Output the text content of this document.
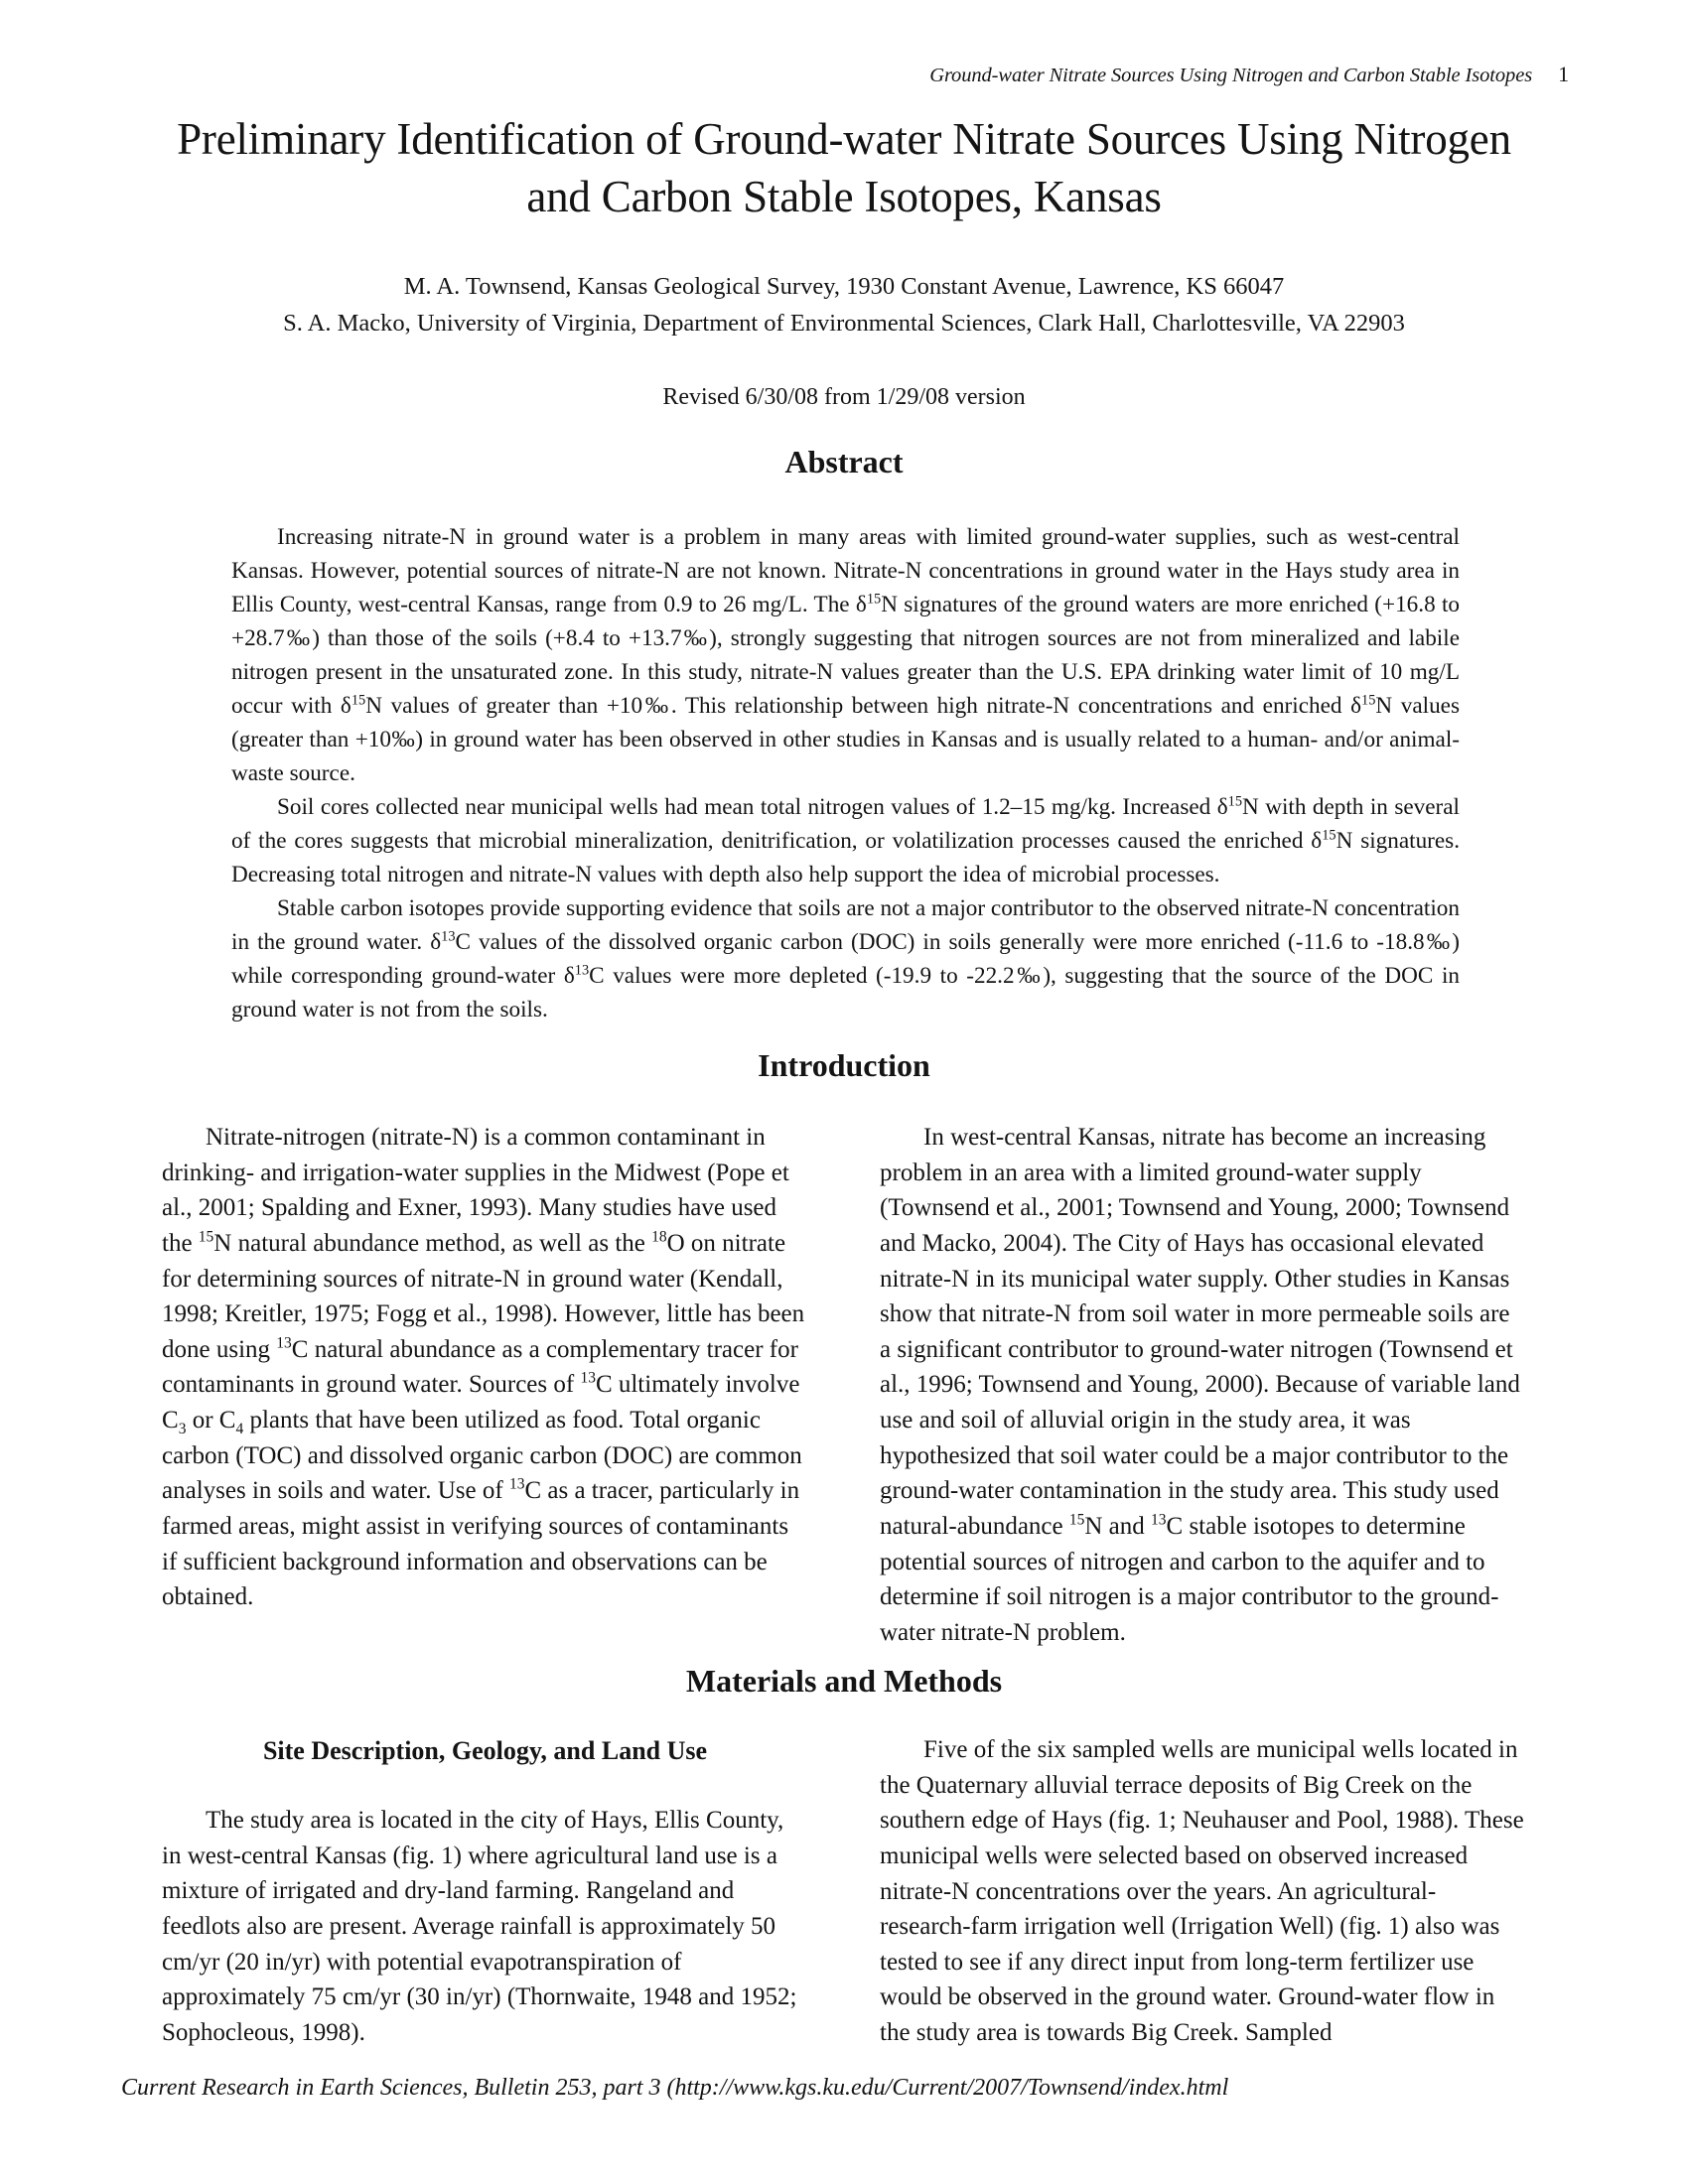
Ground-water Nitrate Sources Using Nitrogen and Carbon Stable Isotopes 1
Preliminary Identification of Ground-water Nitrate Sources Using Nitrogen and Carbon Stable Isotopes, Kansas
M. A. Townsend, Kansas Geological Survey, 1930 Constant Avenue, Lawrence, KS 66047
S. A. Macko, University of Virginia, Department of Environmental Sciences, Clark Hall, Charlottesville, VA 22903
Revised 6/30/08 from 1/29/08 version
Abstract

Increasing nitrate-N in ground water is a problem in many areas with limited ground-water supplies, such as west-central Kansas. However, potential sources of nitrate-N are not known. Nitrate-N concentrations in ground water in the Hays study area in Ellis County, west-central Kansas, range from 0.9 to 26 mg/L. The $\delta^{15}N$ signatures of the ground waters are more enriched (+16.8 to +28.7‰) than those of the soils (+8.4 to +13.7‰), strongly suggesting that nitrogen sources are not from mineralized and labile nitrogen present in the unsaturated zone. In this study, nitrate-N values greater than the U.S. EPA drinking water limit of 10 mg/L occur with $\delta^{15}N$ values of greater than +10‰. This relationship between high nitrate-N concentrations and enriched $\delta^{15}N$ values (greater than +10‰) in ground water has been observed in other studies in Kansas and is usually related to a human- and/or animal-waste source.

Soil cores collected near municipal wells had mean total nitrogen values of 1.2–15 mg/kg. Increased $\delta^{15}N$ with depth in several of the cores suggests that microbial mineralization, denitrification, or volatilization processes caused the enriched $\delta^{15}N$ signatures. Decreasing total nitrogen and nitrate-N values with depth also help support the idea of microbial processes.

Stable carbon isotopes provide supporting evidence that soils are not a major contributor to the observed nitrate-N concentration in the ground water. $\delta^{13}C$ values of the dissolved organic carbon (DOC) in soils generally were more enriched (-11.6 to -18.8‰) while corresponding ground-water $\delta^{13}C$ values were more depleted (-19.9 to -22.2‰), suggesting that the source of the DOC in ground water is not from the soils.

Introduction

Nitrate-nitrogen (nitrate-N) is a common contaminant in drinking- and irrigation-water supplies in the Midwest (Pope et al., 2001; Spalding and Exner, 1993). Many studies have used the $^{15}$N natural abundance method, as well as the $^{18}$O on nitrate for determining sources of nitrate-N in ground water (Kendall, 1998; Kreitler, 1975; Fogg et al., 1998). However, little has been done using $^{13}$C natural abundance as a complementary tracer for contaminants in ground water. Sources of $^{13}$C ultimately involve $C_3$ or $C_4$ plants that have been utilized as food. Total organic carbon (TOC) and dissolved organic carbon (DOC) are common analyses in soils and water. Use of $^{13}$C as a tracer, particularly in farmed areas, might assist in verifying sources of contaminants if sufficient background information and observations can be obtained.

In west-central Kansas, nitrate has become an increasing problem in an area with a limited ground-water supply (Townsend et al., 2001; Townsend and Young, 2000; Townsend and Macko, 2004). The City of Hays has occasional elevated nitrate-N in its municipal water supply. Other studies in Kansas show that nitrate-N from soil water in more permeable soils are a significant contributor to ground-water nitrogen (Townsend et al., 1996; Townsend and Young, 2000). Because of variable land use and soil of alluvial origin in the study area, it was hypothesized that soil water could be a major contributor to the ground-water contamination in the study area. This study used natural-abundance $^{15}$N and $^{13}$C stable isotopes to determine potential sources of nitrogen and carbon to the aquifer and to determine if soil nitrogen is a major contributor to the ground-water nitrate-N problem.

Materials and Methods
Site Description, Geology, and Land Use

The study area is located in the city of Hays, Ellis County, in west-central Kansas (fig. 1) where agricultural land use is a mixture of irrigated and dry-land farming. Rangeland and feedlots also are present. Average rainfall is approximately 50 cm/yr (20 in/yr) with potential evapotranspiration of approximately 75 cm/yr (30 in/yr) (Thornwaite, 1948 and 1952; Sophocleous, 1998).

Five of the six sampled wells are municipal wells located in the Quaternary alluvial terrace deposits of Big Creek on the southern edge of Hays (fig. 1; Neuhauser and Pool, 1988). These municipal wells were selected based on observed increased nitrate-N concentrations over the years. An agricultural-research-farm irrigation well (Irrigation Well) (fig. 1) also was tested to see if any direct input from long-term fertilizer use would be observed in the ground water. Ground-water flow in the study area is towards Big Creek. Sampled

Current Research in Earth Sciences, Bulletin 253, part 3 (http://www.kgs.ku.edu/Current/2007/Townsend/index.html
